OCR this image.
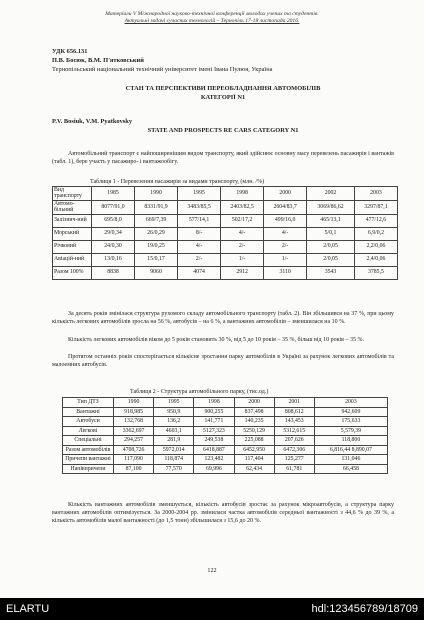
Матеріали V Міжнародної науково-технічної конференції молодих учених та студентів.
Актуальні задачі сучасних технологій – Тернопіль 17-18 листопада 2016.
УДК 656.131
П.В. Босюк, В.М. П'ятковський
Тернопільський національний технічний університет імені Івана Пулюя, Україна
СТАН ТА ПЕРСПЕКТИВИ ПЕРЕОБЛАДНАННЯ АВТОМОБІЛІВ
КАТЕГОРІЇ N1
P.V. Bosiuk, V.M. Pyatkovsky
STATE AND PROSPECTS RE CARS CATEGORY N1
Автомобільний транспорт є найпоширенішим видом транспорту, який здійснює основну масу перевезень пасажирів і вантажів (табл. 1), бере участь у пасажиро- і вантажообігу.
Таблиця 1 - Перевезення пасажирів за видами транспорту, (млн. /%)
Вид транспорту	1985	1990	1995	1998	2000	2002	2003
Автомо-більний	8077/91,0	8331/91,9	3483/85,5	2403/82,5	2604/83,7	3069/86,62	3297/87,1
Залізнич-ний	695/8,0	669/7,39	577/14,1	502/17,2	499/16,0	465/13,1	477/12,6
Морський	29/0,34	26/0,29	8/-	4/-	4/-	5/0,1	6,9/0,2
Річковий	24/0,30	19/0,25	4/-	2/-	2/-	2/0,05	2,2/0,06
Авіацій-ний	13/0,16	15/0,17	2/-	1/-	1/-	2/0,05	2,4/0,06
Разом 100%	8838	9060	4074	2912	3110	3543	3785,5
За десять років змінілася структура рухомого складу автомобільного транспорту (табл. 2). Він збільшився на 37 %, при цьому кількість легкових автомобілів зросла на 56 %, автобусів – на 6 %, а вантажних автомобілів – зменшилася на 10 %.
Кількість легкових автомобілів віком до 5 років становить 30 %, від 5 до 10 років – 35 %, більш від 10 років – 35 %.
Протягом останніх років спостерігається кількісне зростання парку автомобілів в Україні за рахунок легкових автомобілів та малоемних автобусів.
Таблиця 2 - Структура автомобільного парку, (тис.од.)
Тип ДТЗ	1990	1995	1998	2000	2001	2003
Вантажні	918,985	950,9	900,255	837,498	808,612	942,609
Автобуси	132,768	136,2	141,771	140,235	143,453	175,633
Легкові	3362,697	4603,1	5127,323	5250,129	5312,615	5,579,39
Спеціальні	294,257	281,9	249,538	225,088	207,626	118,800
Разом автомобілів	4708,726	5972,014	6418,887	6452,950	6472,306	6,816,44 8,890,07
Причепи вантажні	117,090	118,874	123,482	117,404	125,277	131,046
Напівпричепи	87,100	77,570	69,996	62,434	61,781	66,458
Кількість вантажних автомобілів зменшується, кількість автобусів зростає за рахунок мікроавтобусів, а структура парку вантажних автомобілів оптимізується. За 2000-2004 рр. змінилася частка автомобілів середньої вантажності з 44,6 % до 39 %, а кількість автомобілів малої вантажності (до 1,5 тонн) збільшилася з 15,6 до 20 %.
122
ELARTU	hdl:123456789/18709
